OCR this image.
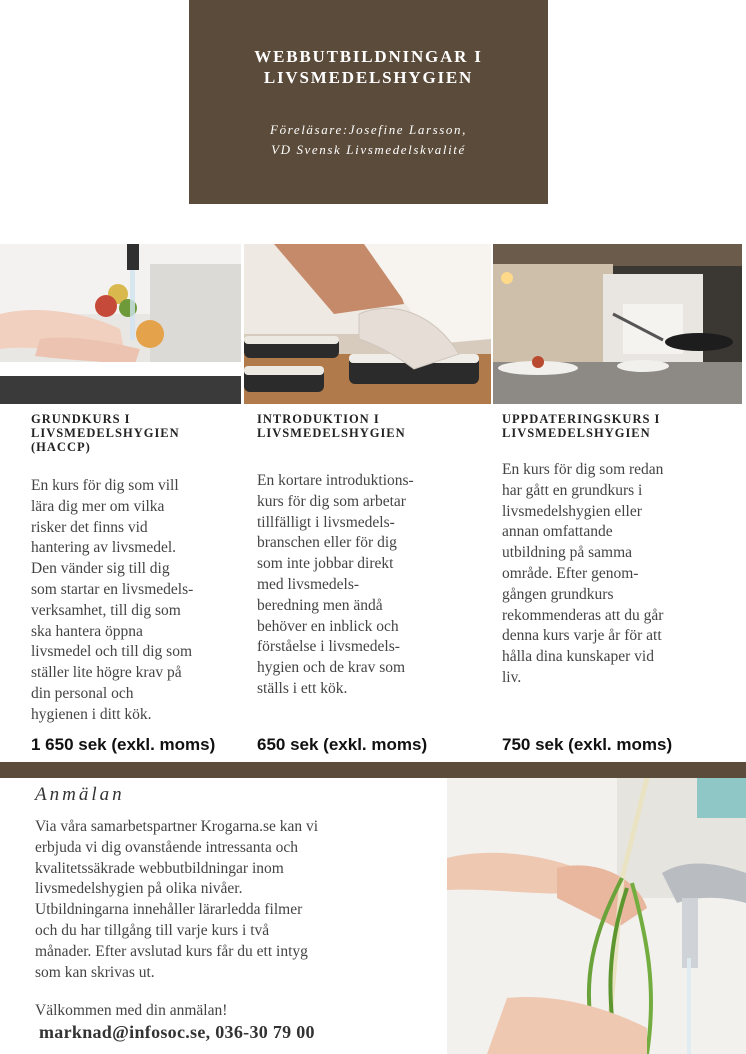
WEBBUTBILDNINGAR I
LIVSMEDELSHYGIEN
Föreläsare:Josefine Larsson,
VD Svensk Livsmedelskvalité
GRUNDKURS I
LIVSMEDELSHYGIEN
(HACCP)
En kurs för dig som vill
lära dig mer om vilka
risker det finns vid
hantering av livsmedel.
Den vänder sig till dig
som startar en livsmedels-
verksamhet, till dig som
ska hantera öppna
livsmedel och till dig som
ställer lite högre krav på
din personal och
hygienen i ditt kök.
1 650 sek (exkl. moms)
INTRODUKTION I
LIVSMEDELSHYGIEN
En kortare introduktions-
kurs för dig som arbetar
tillfälligt i livsmedels-
branschen eller för dig
som inte jobbar direkt
med livsmedels-
beredning men ändå
behöver en inblick och
förståelse i livsmedels-
hygien och de krav som
ställs i ett kök.
650 sek (exkl. moms)
UPPDATERINGSKURS I
LIVSMEDELSHYGIEN
En kurs för dig som redan
har gått en grundkurs i
livsmedelshygien eller
annan omfattande
utbildning på samma
område. Efter genom-
gången grundkurs
rekommenderas att du går
denna kurs varje år för att
hålla dina kunskaper vid
liv.
750 sek (exkl. moms)
Anmälan
Via våra samarbetspartner Krogarna.se kan vi
erbjuda vi dig ovanstående intressanta och
kvalitetssäkrade webbutbildningar inom
livsmedelshygien på olika nivåer.
Utbildningarna innehåller lärarledda filmer
och du har tillgång till varje kurs i två
månader. Efter avslutad kurs får du ett intyg
som kan skrivas ut.
Välkommen med din anmälan!
marknad@infosoc.se, 036-30 79 00
